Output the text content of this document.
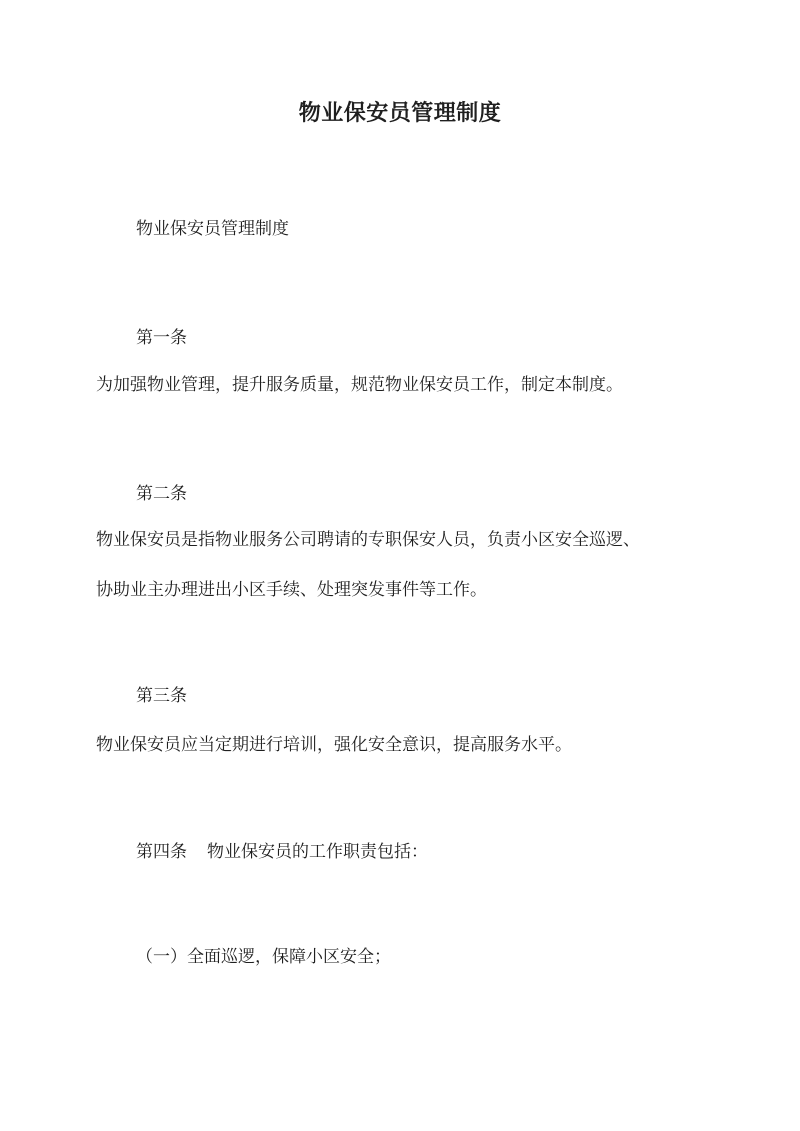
物业保安员管理制度
物业保安员管理制度
第一条
为加强物业管理，提升服务质量，规范物业保安员工作，制定本制度。
第二条
物业保安员是指物业服务公司聘请的专职保安人员，负责小区安全巡逻、
协助业主办理进出小区手续、处理突发事件等工作。
第三条
物业保安员应当定期进行培训，强化安全意识，提高服务水平。
第四条 物业保安员的工作职责包括：
（一）全面巡逻，保障小区安全；
